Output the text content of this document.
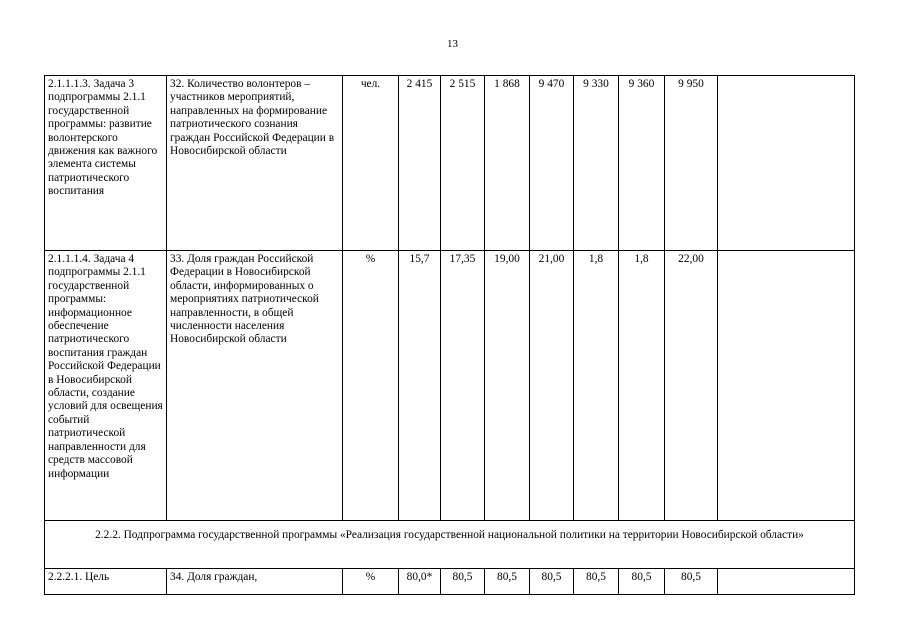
13
2.1.1.1.3. Задача 3 подпрограммы 2.1.1 государственной программы: развитие волонтерского движения как важного элемента системы патриотического воспитания	32. Количество волонтеров – участников мероприятий, направленных на формирование патриотического сознания граждан Российской Федерации в Новосибирской области	чел.	2 415	2 515	1 868	9 470	9 330	9 360	9 950	
2.1.1.1.4. Задача 4 подпрограммы 2.1.1 государственной программы: информационное обеспечение патриотического воспитания граждан Российской Федерации в Новосибирской области, создание условий для освещения событий патриотической направленности для средств массовой информации	33. Доля граждан Российской Федерации в Новосибирской области, информированных о мероприятиях патриотической направленности, в общей численности населения Новосибирской области	%	15,7	17,35	19,00	21,00	1,8	1,8	22,00	
2.2.2. Подпрограмма государственной программы «Реализация государственной национальной политики на территории Новосибирской области»										
2.2.2.1. Цель	34. Доля граждан,	%	80,0*	80,5	80,5	80,5	80,5	80,5	80,5	
